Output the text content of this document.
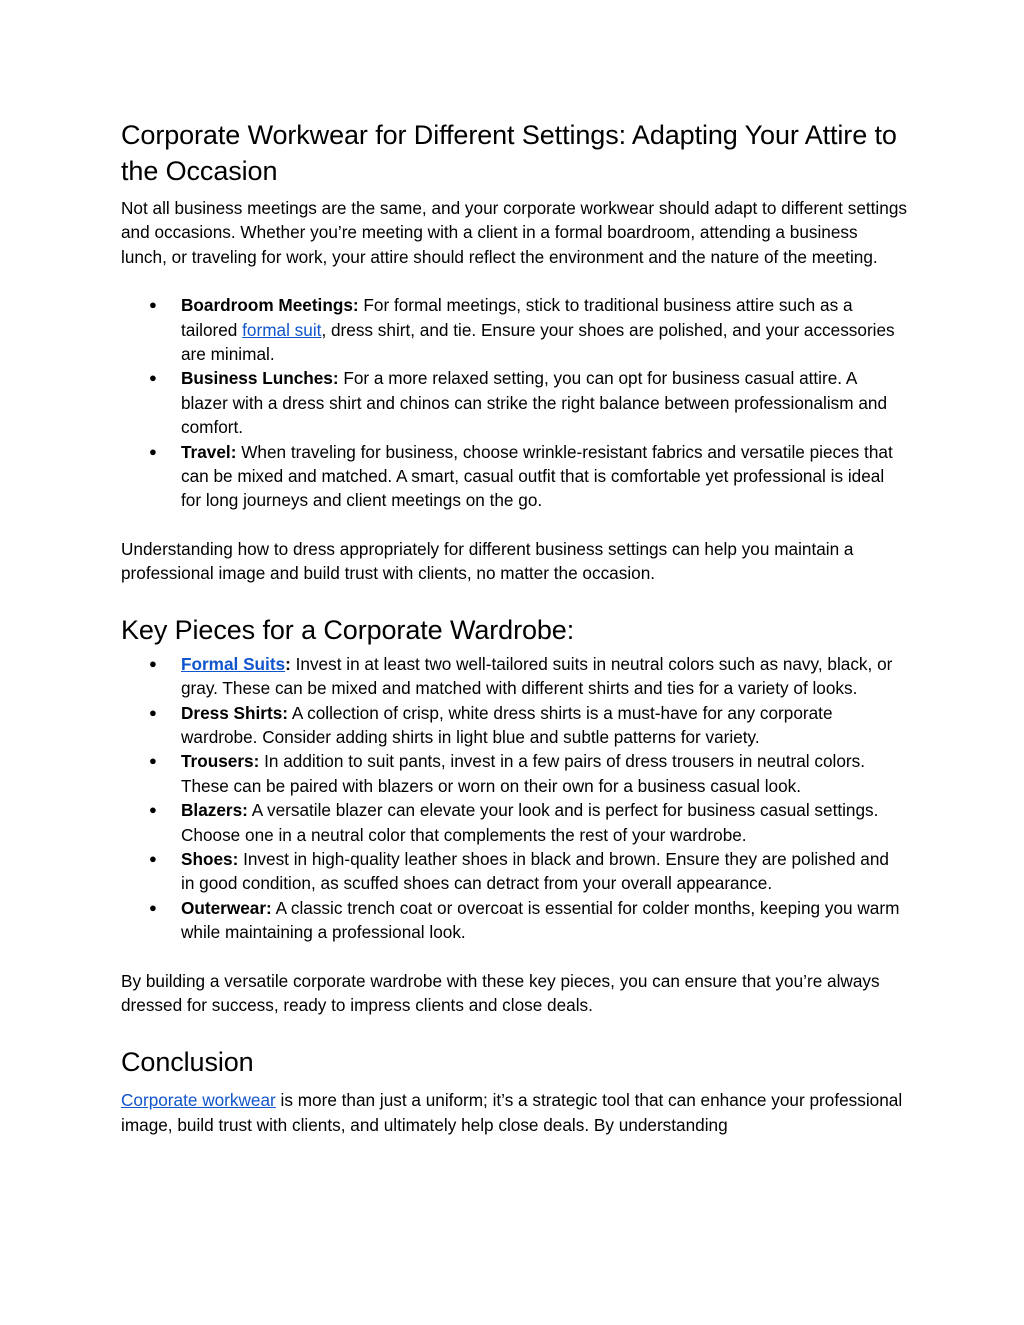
Corporate Workwear for Different Settings: Adapting Your Attire to the Occasion

Not all business meetings are the same, and your corporate workwear should adapt to different settings and occasions. Whether you’re meeting with a client in a formal boardroom, attending a business lunch, or traveling for work, your attire should reflect the environment and the nature of the meeting.

● Boardroom Meetings: For formal meetings, stick to traditional business attire such as a tailored formal suit, dress shirt, and tie. Ensure your shoes are polished, and your accessories are minimal.
● Business Lunches: For a more relaxed setting, you can opt for business casual attire. A blazer with a dress shirt and chinos can strike the right balance between professionalism and comfort.
● Travel: When traveling for business, choose wrinkle-resistant fabrics and versatile pieces that can be mixed and matched. A smart, casual outfit that is comfortable yet professional is ideal for long journeys and client meetings on the go.

Understanding how to dress appropriately for different business settings can help you maintain a professional image and build trust with clients, no matter the occasion.

Key Pieces for a Corporate Wardrobe:
● Formal Suits: Invest in at least two well-tailored suits in neutral colors such as navy, black, or gray. These can be mixed and matched with different shirts and ties for a variety of looks.
● Dress Shirts: A collection of crisp, white dress shirts is a must-have for any corporate wardrobe. Consider adding shirts in light blue and subtle patterns for variety.
● Trousers: In addition to suit pants, invest in a few pairs of dress trousers in neutral colors. These can be paired with blazers or worn on their own for a business casual look.
● Blazers: A versatile blazer can elevate your look and is perfect for business casual settings. Choose one in a neutral color that complements the rest of your wardrobe.
● Shoes: Invest in high-quality leather shoes in black and brown. Ensure they are polished and in good condition, as scuffed shoes can detract from your overall appearance.
● Outerwear: A classic trench coat or overcoat is essential for colder months, keeping you warm while maintaining a professional look.

By building a versatile corporate wardrobe with these key pieces, you can ensure that you’re always dressed for success, ready to impress clients and close deals.

Conclusion

Corporate workwear is more than just a uniform; it’s a strategic tool that can enhance your professional image, build trust with clients, and ultimately help close deals. By understanding
